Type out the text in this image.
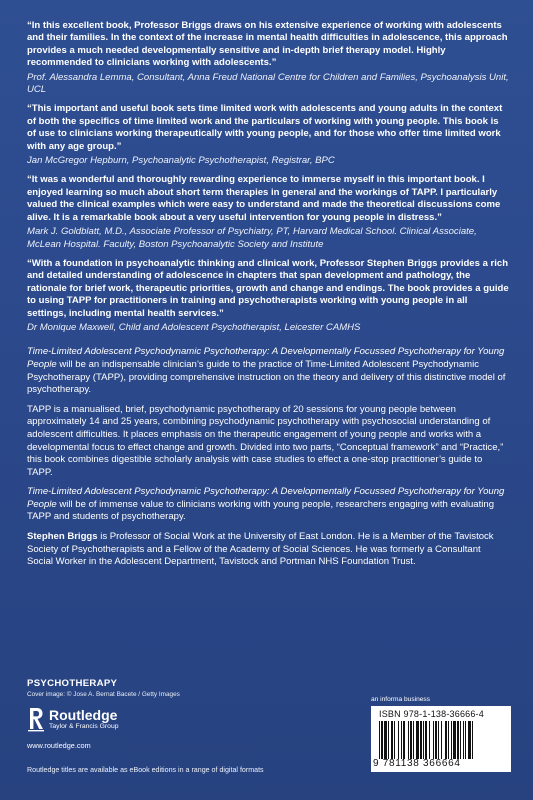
“In this excellent book, Professor Briggs draws on his extensive experience of working with adolescents and their families. In the context of the increase in mental health difficulties in adolescence, this approach provides a much needed developmentally sensitive and in-depth brief therapy model. Highly recommended to clinicians working with adolescents.”

Prof. Alessandra Lemma, Consultant, Anna Freud National Centre for Children and Families, Psychoanalysis Unit, UCL

“This important and useful book sets time limited work with adolescents and young adults in the context of both the specifics of time limited work and the particulars of working with young people. This book is of use to clinicians working therapeutically with young people, and for those who offer time limited work with any age group.”

Jan McGregor Hepburn, Psychoanalytic Psychotherapist, Registrar, BPC

“It was a wonderful and thoroughly rewarding experience to immerse myself in this important book. I enjoyed learning so much about short term therapies in general and the workings of TAPP. I particularly valued the clinical examples which were easy to understand and made the theoretical discussions come alive. It is a remarkable book about a very useful intervention for young people in distress.”

Mark J. Goldblatt, M.D., Associate Professor of Psychiatry, PT, Harvard Medical School. Clinical Associate, McLean Hospital. Faculty, Boston Psychoanalytic Society and Institute

“With a foundation in psychoanalytic thinking and clinical work, Professor Stephen Briggs provides a rich and detailed understanding of adolescence in chapters that span development and pathology, the rationale for brief work, therapeutic priorities, growth and change and endings. The book provides a guide to using TAPP for practitioners in training and psychotherapists working with young people in all settings, including mental health services.”

Dr Monique Maxwell, Child and Adolescent Psychotherapist, Leicester CAMHS

Time-Limited Adolescent Psychodynamic Psychotherapy: A Developmentally Focussed Psychotherapy for Young People will be an indispensable clinician’s guide to the practice of Time-Limited Adolescent Psychodynamic Psychotherapy (TAPP), providing comprehensive instruction on the theory and delivery of this distinctive model of psychotherapy.

TAPP is a manualised, brief, psychodynamic psychotherapy of 20 sessions for young people between approximately 14 and 25 years, combining psychodynamic psychotherapy with psychosocial understanding of adolescent difficulties. It places emphasis on the therapeutic engagement of young people and works with a developmental focus to effect change and growth. Divided into two parts, “Conceptual framework” and “Practice,” this book combines digestible scholarly analysis with case studies to effect a one-stop practitioner’s guide to TAPP.

Time-Limited Adolescent Psychodynamic Psychotherapy: A Developmentally Focussed Psychotherapy for Young People will be of immense value to clinicians working with young people, researchers engaging with evaluating TAPP and students of psychotherapy.

Stephen Briggs is Professor of Social Work at the University of East London. He is a Member of the Tavistock Society of Psychotherapists and a Fellow of the Academy of Social Sciences. He was formerly a Consultant Social Worker in the Adolescent Department, Tavistock and Portman NHS Foundation Trust.

PSYCHOTHERAPY

Cover image: © Jose A. Bernat Bacete / Getty Images

Routledge

Taylor & Francis Group

www.routledge.com

Routledge titles are available as eBook editions in a range of digital formats

an informa business
ISBN 978-1-138-36666-4
9 781138 366664
